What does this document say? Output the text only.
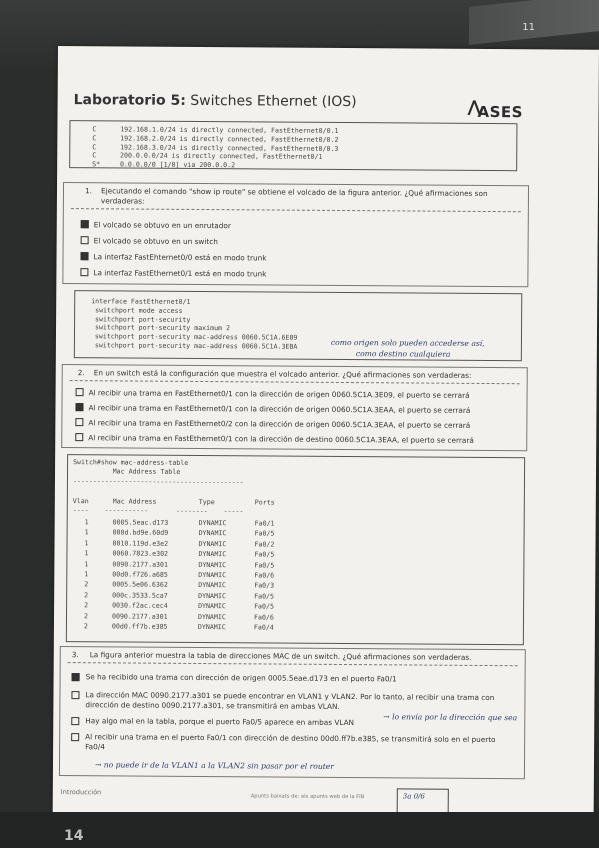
11
Laboratorio 5: Switches Ethernet (IOS)	⋀
ASES
C      192.168.1.0/24 is directly connected, FastEthernet0/0.1
C      192.168.2.0/24 is directly connected, FastEthernet0/0.2
C      192.168.3.0/24 is directly connected, FastEthernet0/0.3
C      200.0.0.0/24 is directly connected, FastEthernet0/1
S*     0.0.0.0/0 [1/0] via 200.0.0.2
1. Ejecutando el comando "show ip route" se obtiene el volcado de la figura anterior. ¿Qué afirmaciones son verdaderas:
interface FastEthernet0/1
switchport mode access
switchport port-security
switchport port-security maximum 2
switchport port-security mac-address 0060.5C1A.6E09
switchport port-security mac-address 0060.5C1A.3EBA	como origen solo pueden accederse así,
como destino cualquiera
2. En un switch está la configuración que muestra el volcado anterior. ¿Qué afirmaciones son verdaderas:
Switch#show mac-address-table
Mac Address Table
-------------------------------------------
Vlan	Mac Address	Type	Ports
----    -----------       --------    -----
3. La figura anterior muestra la tabla de direcciones MAC de un switch. ¿Qué afirmaciones son verdaderas.
→ lo envía por la dirección que sea
→ no puede ir de la VLAN1 a la VLAN2 sin pasar por el router
Introducción
Apunts baixats de: els apunts web de la FIB	3a 0/6
El volcado se obtuvo en un enrutador
El volcado se obtuvo en un switch
La interfaz FastEhternet0/0 está en modo trunk
La interfaz FastEthernet0/1 está en modo trunk
Al recibir una trama en FastEthernet0/1 con la dirección de origen 0060.5C1A.3E09, el puerto se cerrará
Al recibir una trama en FastEthernet0/1 con la dirección de origen 0060.5C1A.3EAA, el puerto se cerrará
Al recibir una trama en FastEthernet0/2 con la dirección de origen 0060.5C1A.3EAA, el puerto se cerrará
Al recibir una trama en FastEthernet0/1 con la dirección de destino 0060.5C1A.3EAA, el puerto se cerrará
Se ha recibido una trama con dirección de origen 0005.5eae.d173 en el puerto Fa0/1
La dirección MAC 0090.2177.a301 se puede encontrar en VLAN1 y VLAN2. Por lo tanto, al recibir una trama con
dirección de destino 0090.2177.a301, se transmitirá en ambas VLAN.
Hay algo mal en la tabla, porque el puerto Fa0/5 aparece en ambas VLAN
Al recibir una trama en el puerto Fa0/1 con dirección de destino 00d0.ff7b.e385, se transmitirá solo en el puerto
Fa0/4
1	0005.5eac.d173	DYNAMIC	Fa0/1
1	000d.bd9e.60d9	DYNAMIC	Fa0/5
1	0010.119d.e3e2	DYNAMIC	Fa0/2
1	0060.7823.e302	DYNAMIC	Fa0/5
1	0090.2177.a301	DYNAMIC	Fa0/5
1	00d0.f726.a685	DYNAMIC	Fa0/6
2	0005.5e06.6362	DYNAMIC	Fa0/3
2	000c.3533.5ca7	DYNAMIC	Fa0/5
2	0030.f2ac.cec4	DYNAMIC	Fa0/5
2	0090.2177.a301	DYNAMIC	Fa0/6
2	00d0.ff7b.e385	DYNAMIC	Fa0/4
14
